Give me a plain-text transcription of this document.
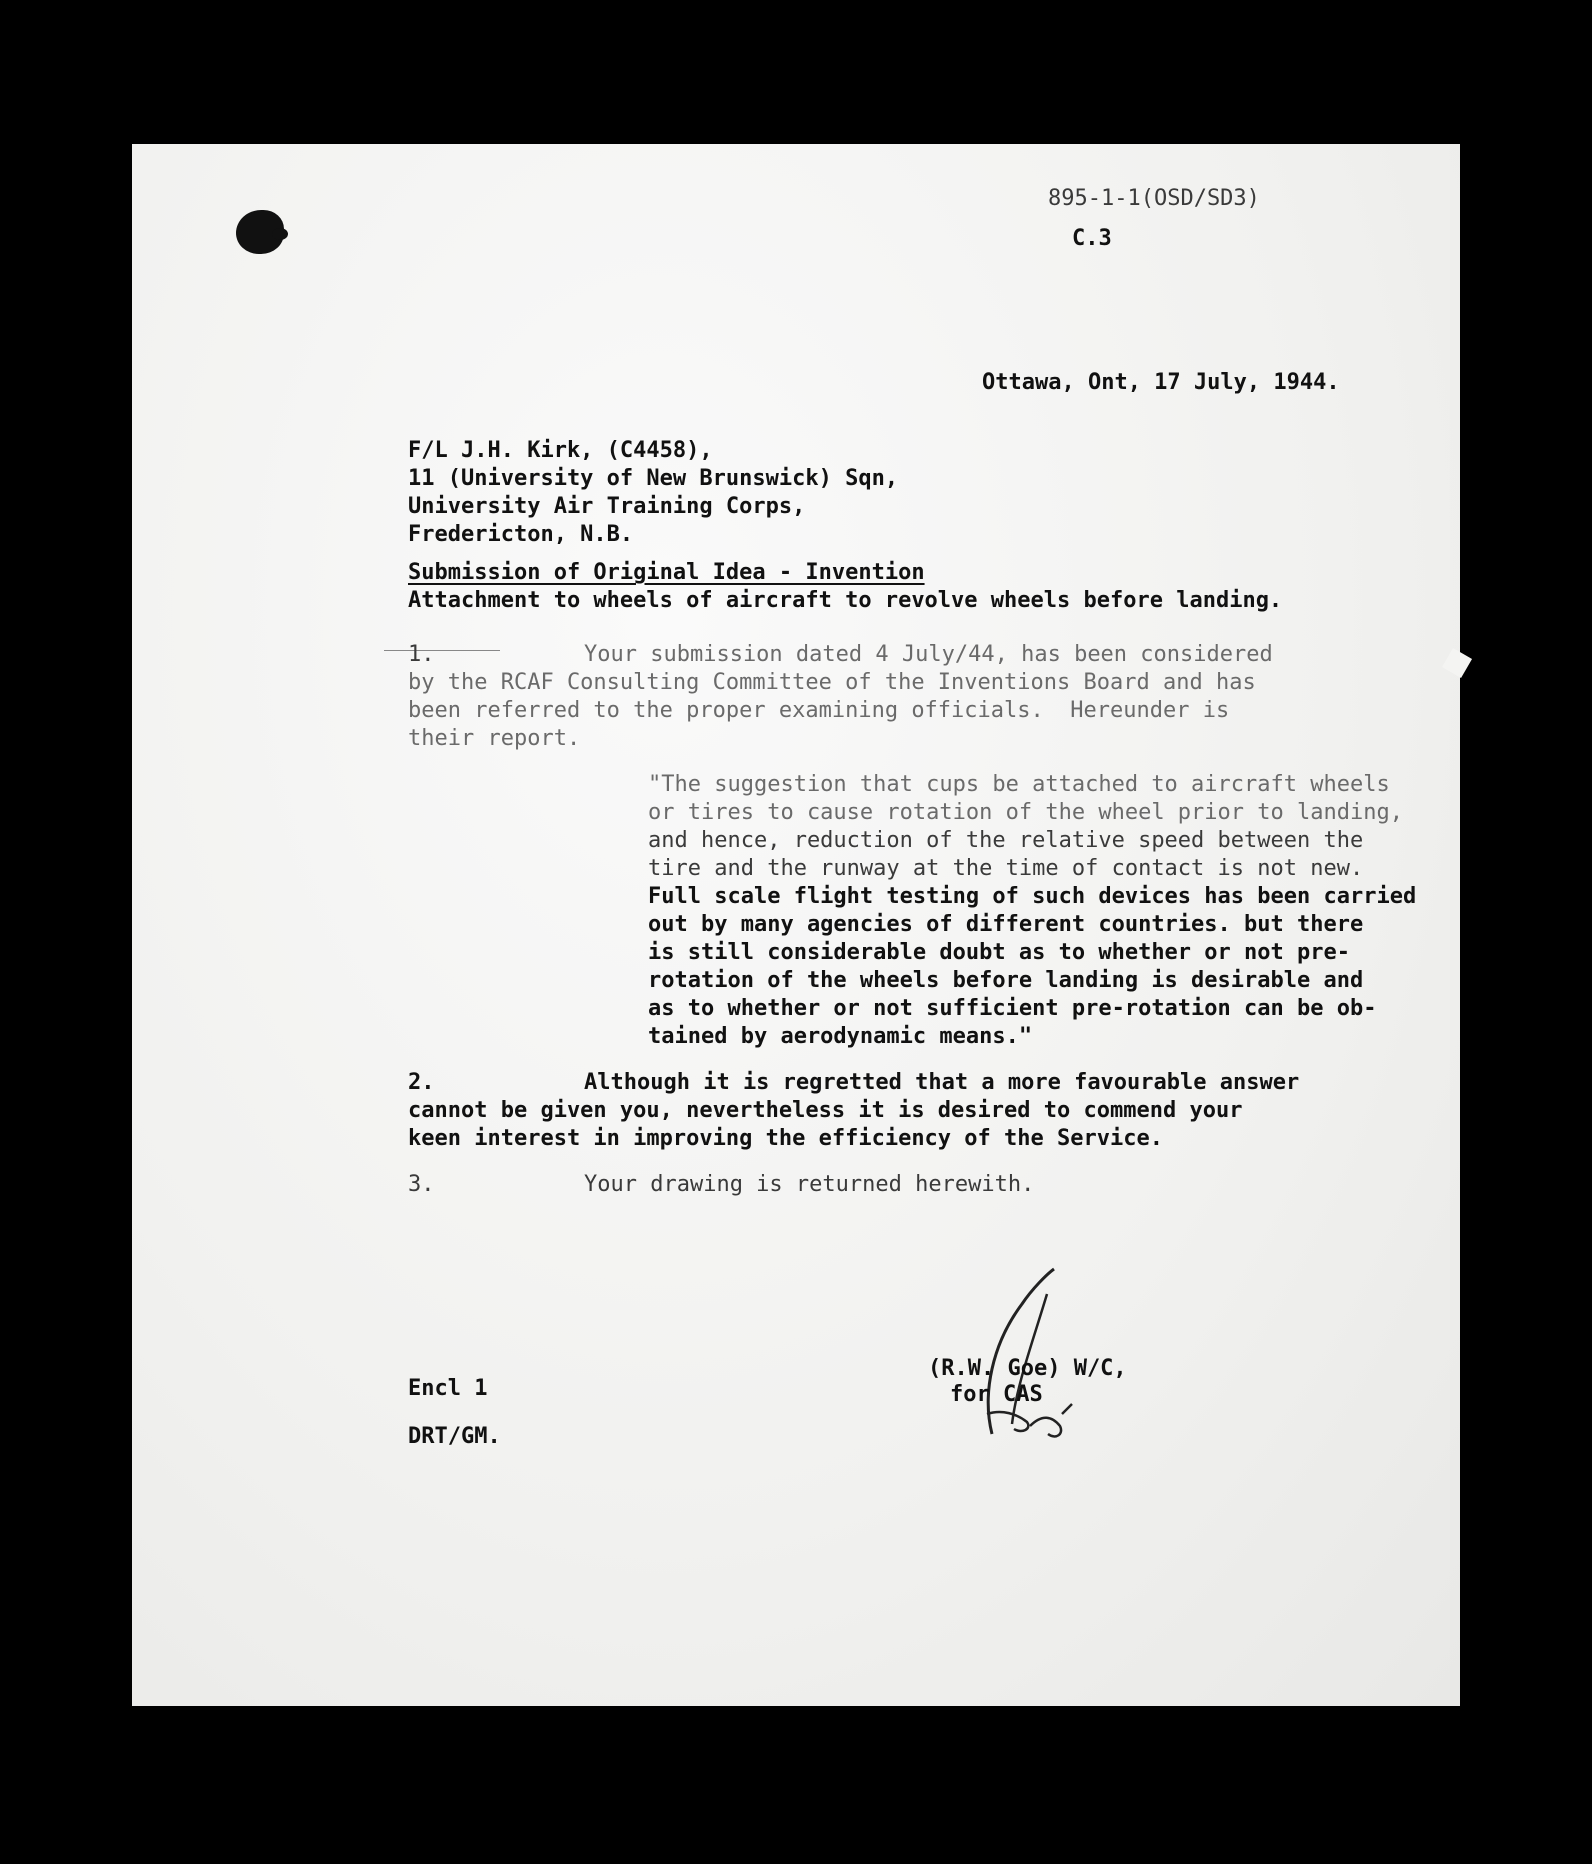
895-1-1(OSD/SD3)
C.3
Ottawa, Ont, 17 July, 1944.
F/L J.H. Kirk, (C4458),
11 (University of New Brunswick) Sqn,
University Air Training Corps,
Fredericton, N.B.
Submission of Original Idea - Invention
Attachment to wheels of aircraft to revolve wheels before landing.
1.	Your submission dated 4 July/44, has been considered
by the RCAF Consulting Committee of the Inventions Board and has
been referred to the proper examining officials.  Hereunder is
their report.
"The suggestion that cups be attached to aircraft wheels
or tires to cause rotation of the wheel prior to landing,
and hence, reduction of the relative speed between the
tire and the runway at the time of contact is not new.
Full scale flight testing of such devices has been carried
out by many agencies of different countries. but there
is still considerable doubt as to whether or not pre-
rotation of the wheels before landing is desirable and
as to whether or not sufficient pre-rotation can be ob-
tained by aerodynamic means."
2.	Although it is regretted that a more favourable answer
cannot be given you, nevertheless it is desired to commend your
keen interest in improving the efficiency of the Service.
3.	Your drawing is returned herewith.
(R.W. Goe) W/C,
for CAS
Encl 1
DRT/GM.
